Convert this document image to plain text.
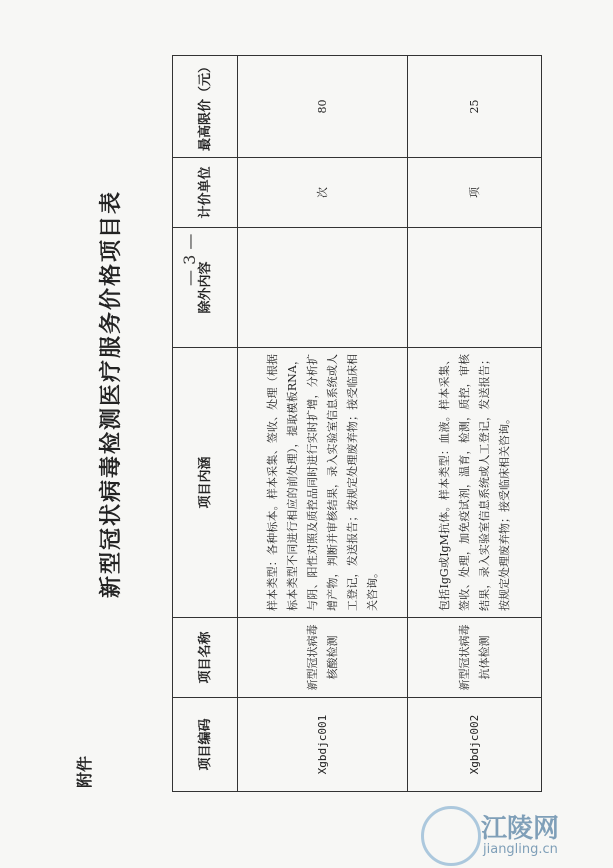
附件
新型冠状病毒检测医疗服务价格项目表
项目编码	项目名称	项目内涵	除外内容	计价单位	最高限价（元）
Xgbdjc001	新型冠状病毒核酸检测	样本类型：各种标本。样本采集、签收、处理（根据标本类型不同进行相应的前处理），提取模板RNA，与阴、阳性对照及质控品同时进行实时扩增，分析扩增产物，判断并审核结果，录入实验室信息系统或人工登记，发送报告；按规定处理废弃物；接受临床相关咨询。		次	80
Xgbdjc002	新型冠状病毒抗体检测	包括IgG或IgM抗体。样本类型：血液。样本采集、签收、处理，加免疫试剂，温育，检测，质控，审核结果，录入实验室信息系统或人工登记，发送报告；按规定处理废弃物；接受临床相关咨询。		项	25
— 3 —
江陵网
jiangling.cn
